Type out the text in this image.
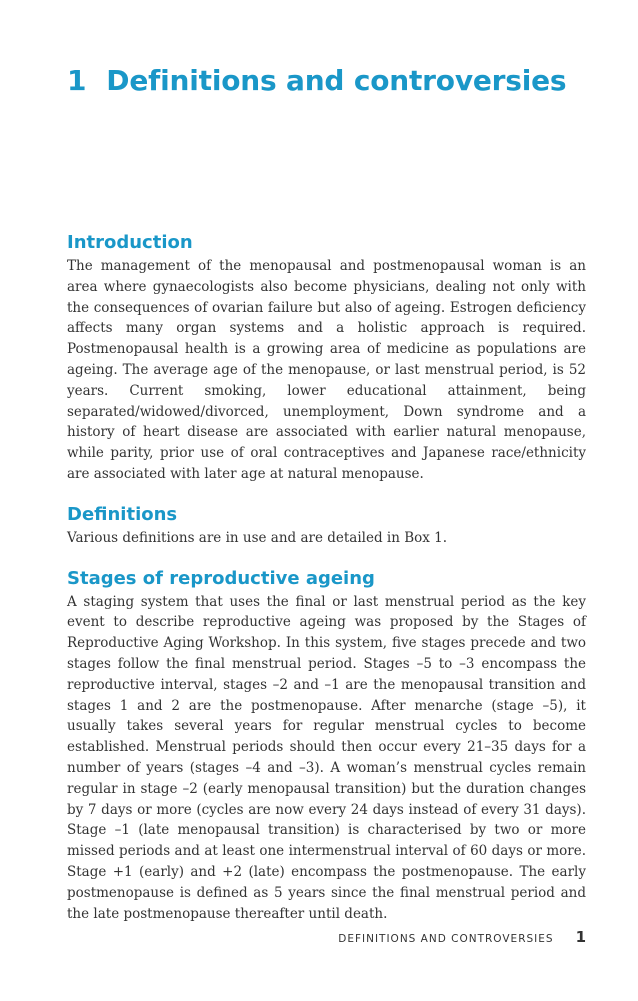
1 Definitions and controversies
Introduction

The management of the menopausal and postmenopausal woman is an area where gynaecologists also become physicians, dealing not only with the consequences of ovarian failure but also of ageing. Estrogen deficiency affects many organ systems and a holistic approach is required. Postmenopausal health is a growing area of medicine as populations are ageing. The average age of the menopause, or last menstrual period, is 52 years. Current smoking, lower educational attainment, being separated/widowed/divorced, unemployment, Down syndrome and a history of heart disease are associated with earlier natural menopause, while parity, prior use of oral contraceptives and Japanese race/ethnicity are associated with later age at natural menopause.

Definitions

Various definitions are in use and are detailed in Box 1.

Stages of reproductive ageing

A staging system that uses the final or last menstrual period as the key event to describe reproductive ageing was proposed by the Stages of Reproductive Aging Workshop. In this system, five stages precede and two stages follow the final menstrual period. Stages –5 to –3 encompass the reproductive interval, stages –2 and –1 are the menopausal transition and stages 1 and 2 are the postmenopause. After menarche (stage –5), it usually takes several years for regular menstrual cycles to become established. Menstrual periods should then occur every 21–35 days for a number of years (stages –4 and –3). A woman’s menstrual cycles remain regular in stage –2 (early menopausal transition) but the duration changes by 7 days or more (cycles are now every 24 days instead of every 31 days). Stage –1 (late menopausal transition) is characterised by two or more missed periods and at least one intermenstrual interval of 60 days or more. Stage +1 (early) and +2 (late) encompass the postmenopause. The early postmenopause is defined as 5 years since the final menstrual period and the late postmenopause thereafter until death.

DEFINITIONS AND CONTROVERSIES 1
